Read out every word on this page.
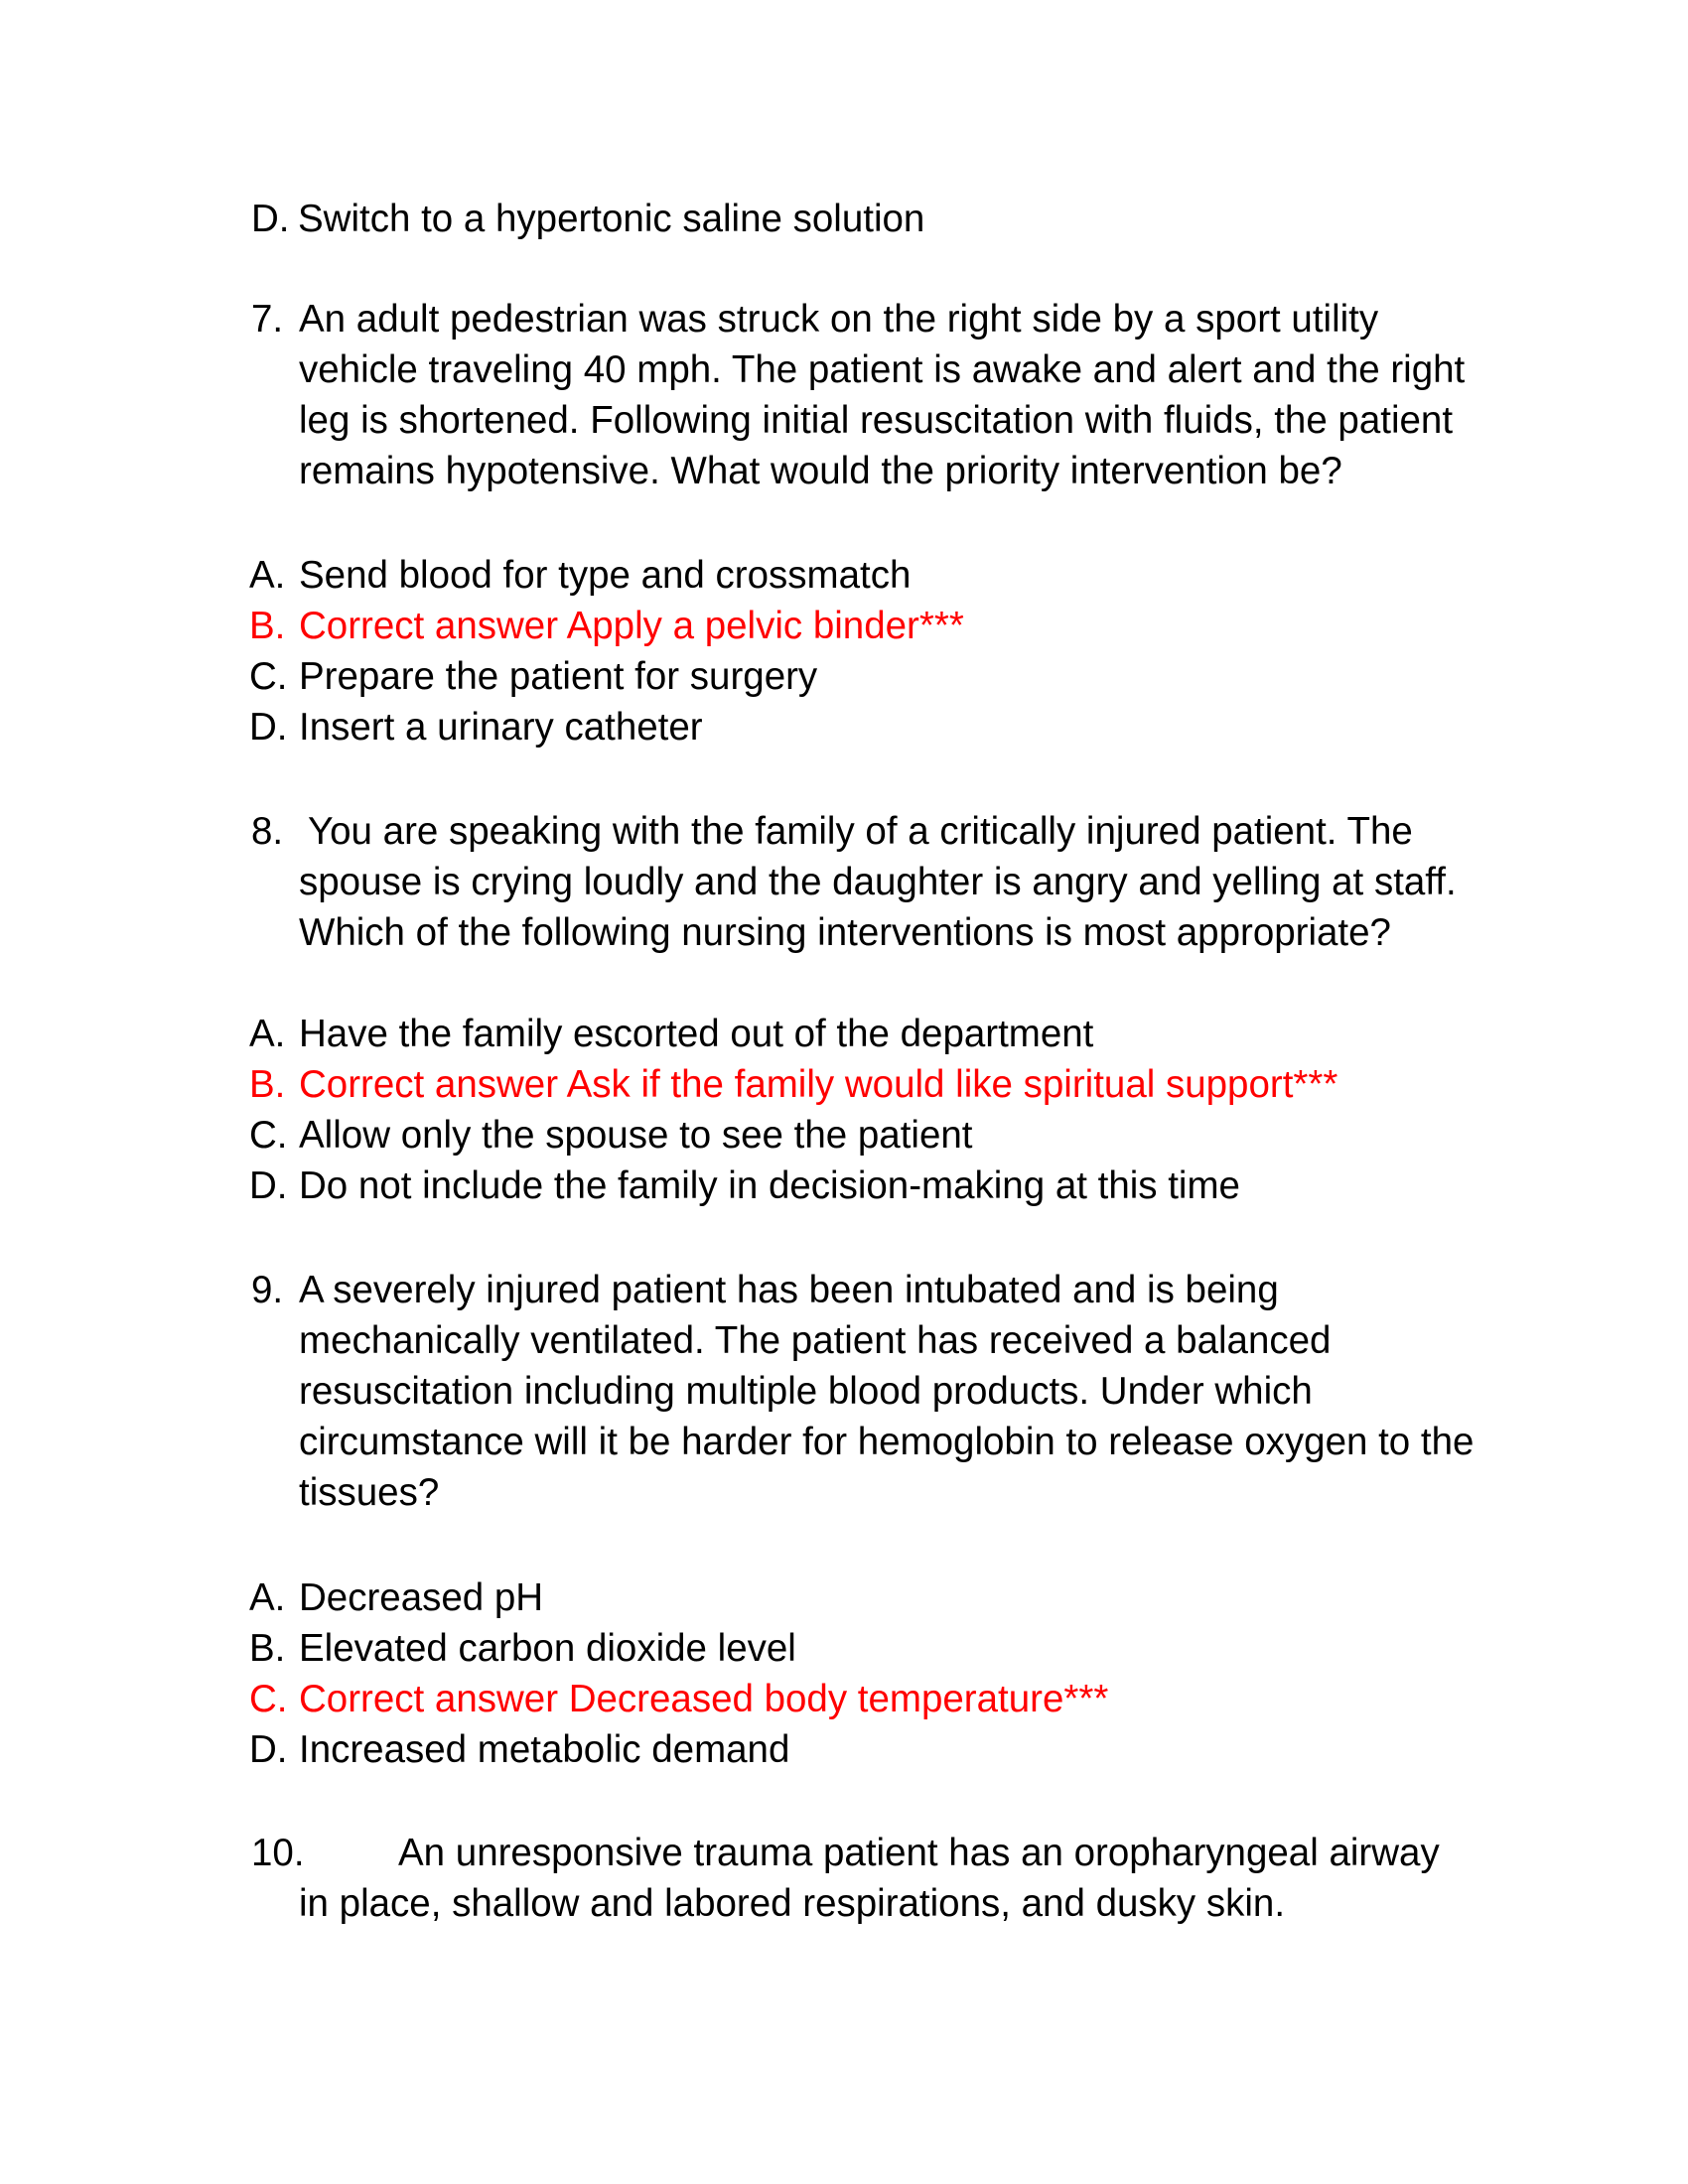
D. Switch to a hypertonic saline solution
7. An adult pedestrian was struck on the right side by a sport utility
vehicle traveling 40 mph. The patient is awake and alert and the right
leg is shortened. Following initial resuscitation with fluids, the patient
remains hypotensive. What would the priority intervention be?
A. Send blood for type and crossmatch
B. Correct answer Apply a pelvic binder***
C. Prepare the patient for surgery
D. Insert a urinary catheter
8. You are speaking with the family of a critically injured patient. The
spouse is crying loudly and the daughter is angry and yelling at staff.
Which of the following nursing interventions is most appropriate?
A. Have the family escorted out of the department
B. Correct answer Ask if the family would like spiritual support***
C. Allow only the spouse to see the patient
D. Do not include the family in decision-making at this time
9. A severely injured patient has been intubated and is being
mechanically ventilated. The patient has received a balanced
resuscitation including multiple blood products. Under which
circumstance will it be harder for hemoglobin to release oxygen to the
tissues?
A. Decreased pH
B. Elevated carbon dioxide level
C. Correct answer Decreased body temperature***
D. Increased metabolic demand
10. An unresponsive trauma patient has an oropharyngeal airway
in place, shallow and labored respirations, and dusky skin.
